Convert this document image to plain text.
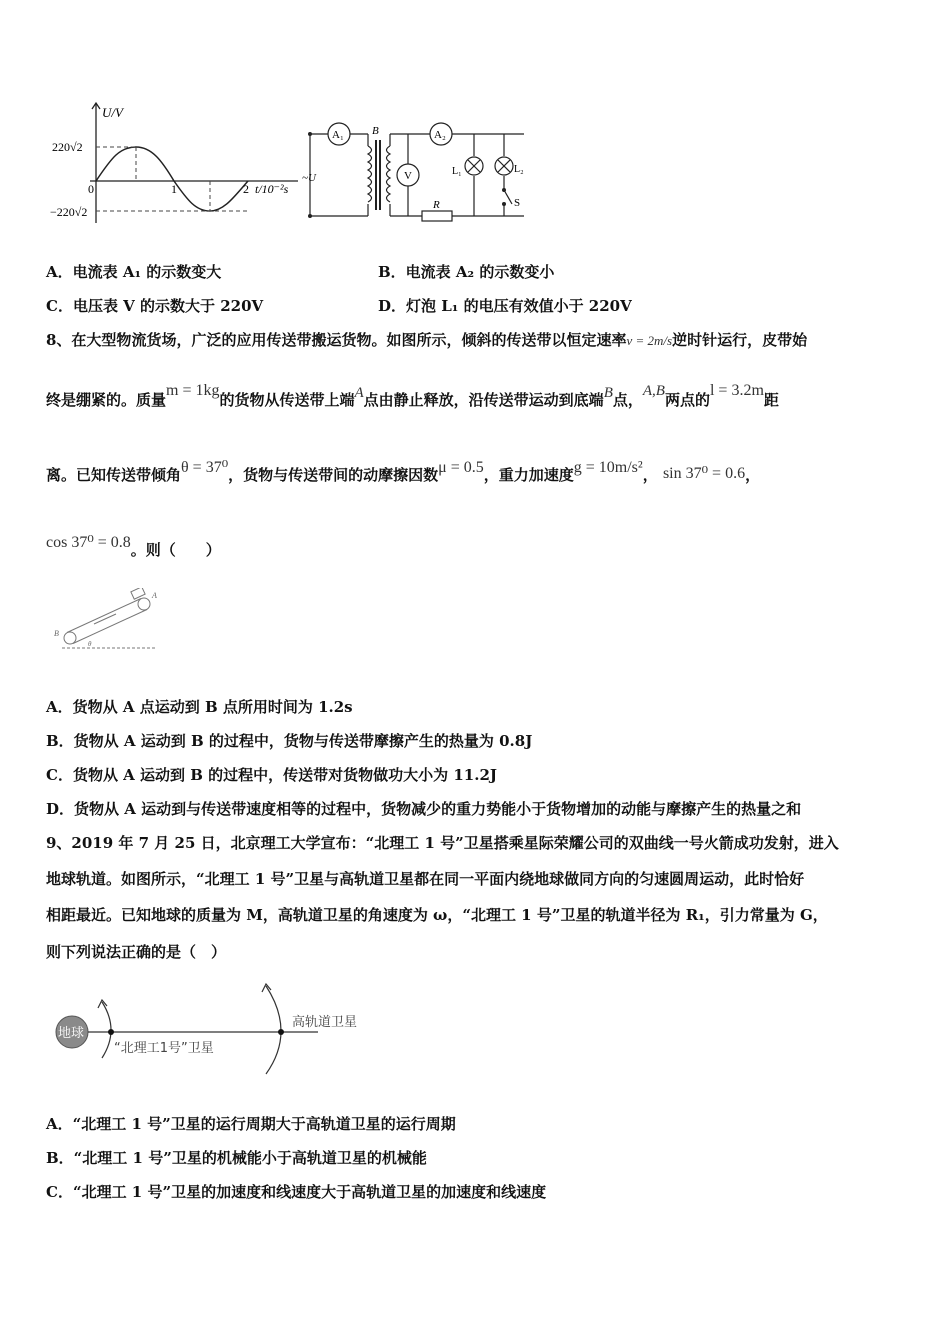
U/V
220√2
−220√2
0	1	2 t/10⁻²s
A₁	A₂
B
~U	V	L₁	L₂
R	S
A．电流表 A₁ 的示数变大	B．电流表 A₂ 的示数变小
C．电压表 V 的示数大于 220V	D．灯泡 L₁ 的电压有效值小于 220V
8、在大型物流货场，广泛的应用传送带搬运货物。如图所示，倾斜的传送带以恒定速率v = 2m/s逆时针运行，皮带始
终是绷紧的。质量m = 1kg的货物从传送带上端A点由静止释放，沿传送带运动到底端B点，A,B两点的l = 3.2m距
离。已知传送带倾角θ = 37⁰，货物与传送带间的动摩擦因数μ = 0.5，重力加速度g = 10m/s²， sin 37⁰ = 0.6，
cos 37⁰ = 0.8。则（　　）
A
B
θ
A．货物从 A 点运动到 B 点所用时间为 1.2s
B．货物从 A 运动到 B 的过程中，货物与传送带摩擦产生的热量为 0.8J
C．货物从 A 运动到 B 的过程中，传送带对货物做功大小为 11.2J
D．货物从 A 运动到与传送带速度相等的过程中，货物减少的重力势能小于货物增加的动能与摩擦产生的热量之和
9、2019 年 7 月 25 日，北京理工大学宣布：“北理工 1 号”卫星搭乘星际荣耀公司的双曲线一号火箭成功发射，进入
地球轨道。如图所示，“北理工 1 号”卫星与高轨道卫星都在同一平面内绕地球做同方向的匀速圆周运动，此时恰好
相距最近。已知地球的质量为 M，高轨道卫星的角速度为 ω，“北理工 1 号”卫星的轨道半径为 R₁，引力常量为 G，
则下列说法正确的是（　）
地球
高轨道卫星
“北理工1号”卫星
A．“北理工 1 号”卫星的运行周期大于高轨道卫星的运行周期
B．“北理工 1 号”卫星的机械能小于高轨道卫星的机械能
C．“北理工 1 号”卫星的加速度和线速度大于高轨道卫星的加速度和线速度
